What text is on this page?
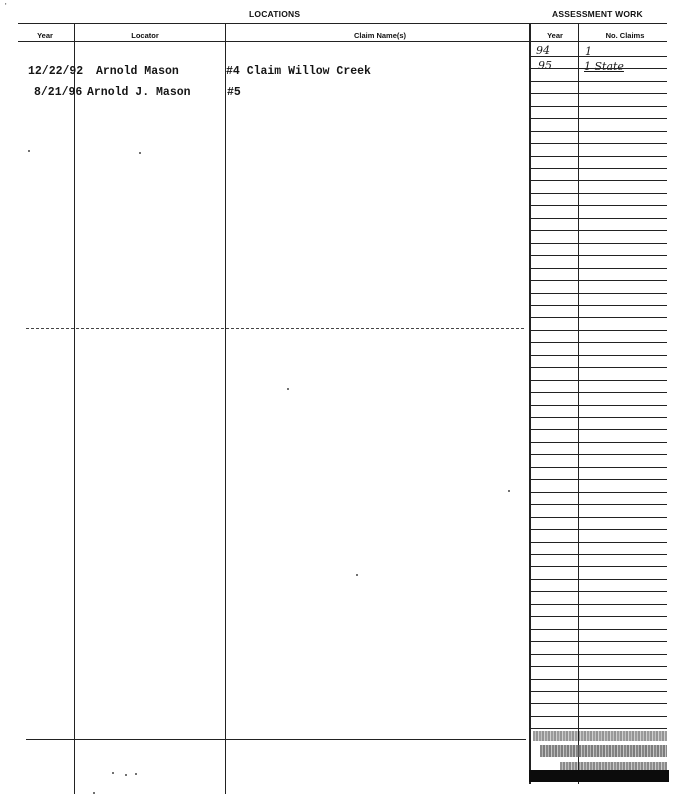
'
LOCATIONS	ASSESSMENT WORK
Year	Locator	Claim Name(s)	Year	No. Claims
12/22/92 Arnold Mason	#4 Claim Willow Creek
8/21/96 Arnold J. Mason	#5
94	1
95	1 State
